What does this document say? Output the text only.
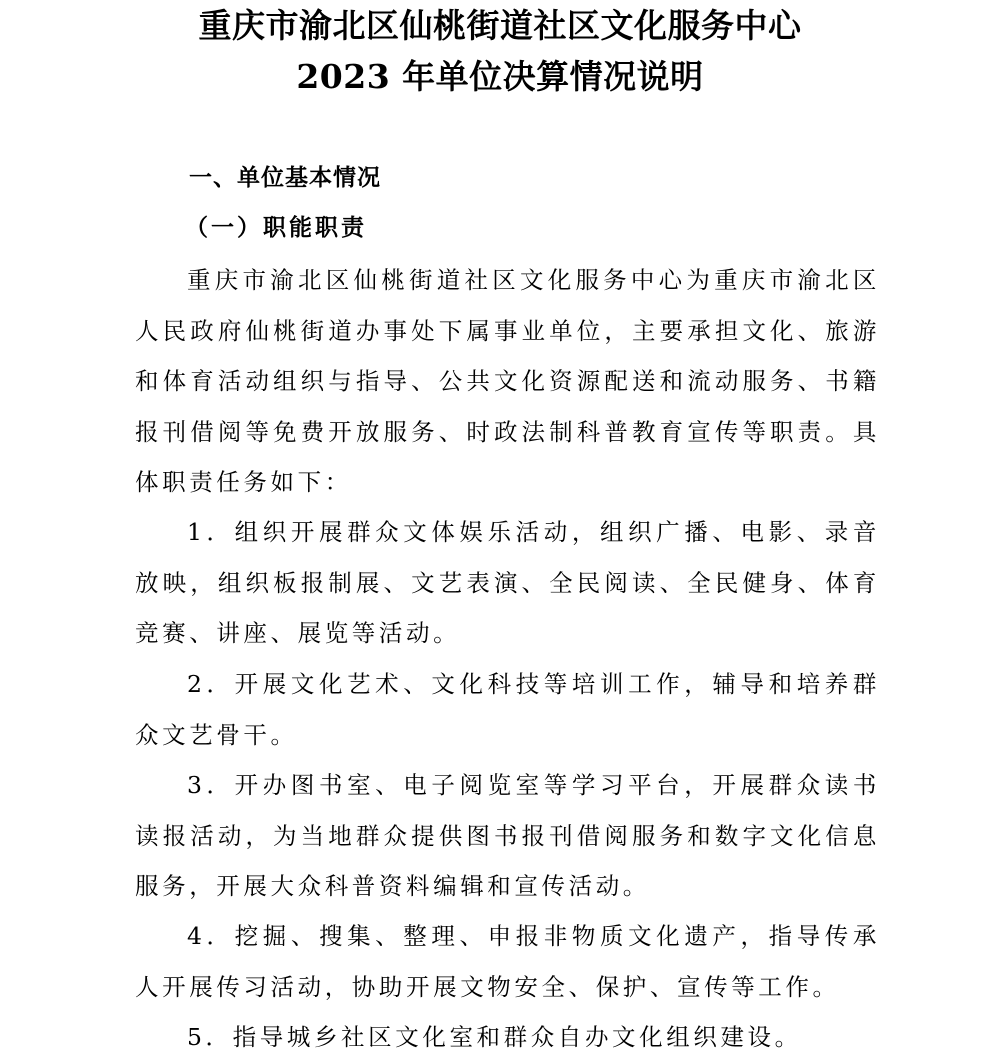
重庆市渝北区仙桃街道社区文化服务中心
2023 年单位决算情况说明
一、单位基本情况
（一）职能职责

重庆市渝北区仙桃街道社区文化服务中心为重庆市渝北区人民政府仙桃街道办事处下属事业单位，主要承担文化、旅游和体育活动组织与指导、公共文化资源配送和流动服务、书籍报刊借阅等免费开放服务、时政法制科普教育宣传等职责。具体职责任务如下：

1．组织开展群众文体娱乐活动，组织广播、电影、录音放映，组织板报制展、文艺表演、全民阅读、全民健身、体育竞赛、讲座、展览等活动。

2．开展文化艺术、文化科技等培训工作，辅导和培养群众文艺骨干。

3．开办图书室、电子阅览室等学习平台，开展群众读书读报活动，为当地群众提供图书报刊借阅服务和数字文化信息服务，开展大众科普资料编辑和宣传活动。

4．挖掘、搜集、整理、申报非物质文化遗产，指导传承人开展传习活动，协助开展文物安全、保护、宣传等工作。

5．指导城乡社区文化室和群众自办文化组织建设。
